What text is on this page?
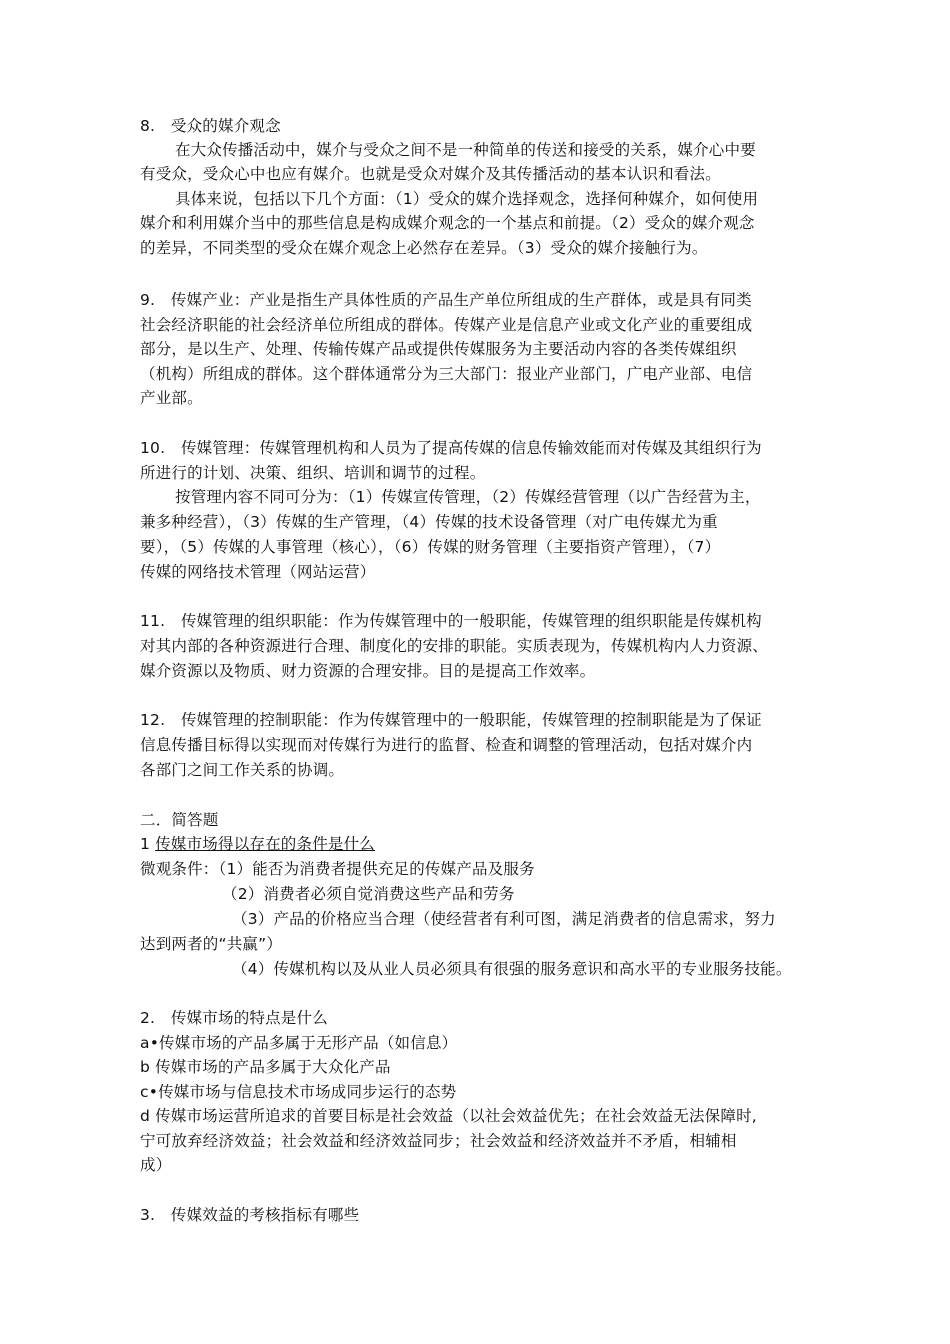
8.　受众的媒介观念
在大众传播活动中，媒介与受众之间不是一种简单的传送和接受的关系，媒介心中要
有受众，受众心中也应有媒介。也就是受众对媒介及其传播活动的基本认识和看法。
具体来说，包括以下几个方面：（1）受众的媒介选择观念，选择何种媒介，如何使用
媒介和利用媒介当中的那些信息是构成媒介观念的一个基点和前提。（2）受众的媒介观念
的差异，不同类型的受众在媒介观念上必然存在差异。（3）受众的媒介接触行为。
9.　传媒产业：产业是指生产具体性质的产品生产单位所组成的生产群体，或是具有同类
社会经济职能的社会经济单位所组成的群体。传媒产业是信息产业或文化产业的重要组成
部分，是以生产、处理、传输传媒产品或提供传媒服务为主要活动内容的各类传媒组织
（机构）所组成的群体。这个群体通常分为三大部门：报业产业部门，广电产业部、电信
产业部。
10.　传媒管理：传媒管理机构和人员为了提高传媒的信息传输效能而对传媒及其组织行为
所进行的计划、决策、组织、培训和调节的过程。
按管理内容不同可分为：（1）传媒宣传管理，（2）传媒经营管理（以广告经营为主，
兼多种经营），（3）传媒的生产管理，（4）传媒的技术设备管理（对广电传媒尤为重
要），（5）传媒的人事管理（核心），（6）传媒的财务管理（主要指资产管理），（7）
传媒的网络技术管理（网站运营）
11.　传媒管理的组织职能：作为传媒管理中的一般职能，传媒管理的组织职能是传媒机构
对其内部的各种资源进行合理、制度化的安排的职能。实质表现为，传媒机构内人力资源、
媒介资源以及物质、财力资源的合理安排。目的是提高工作效率。
12.　传媒管理的控制职能：作为传媒管理中的一般职能，传媒管理的控制职能是为了保证
信息传播目标得以实现而对传媒行为进行的监督、检查和调整的管理活动，包括对媒介内
各部门之间工作关系的协调。
二．简答题
1 传媒市场得以存在的条件是什么
微观条件：（1）能否为消费者提供充足的传媒产品及服务
（2）消费者必须自觉消费这些产品和劳务
（3）产品的价格应当合理（使经营者有利可图，满足消费者的信息需求，努力
达到两者的“共赢”）
（4）传媒机构以及从业人员必须具有很强的服务意识和高水平的专业服务技能。
2.　传媒市场的特点是什么
a•传媒市场的产品多属于无形产品（如信息）
b 传媒市场的产品多属于大众化产品
c•传媒市场与信息技术市场成同步运行的态势
d 传媒市场运营所追求的首要目标是社会效益（以社会效益优先；在社会效益无法保障时,
宁可放弃经济效益；社会效益和经济效益同步；社会效益和经济效益并不矛盾，相辅相
成）
3.　传媒效益的考核指标有哪些
